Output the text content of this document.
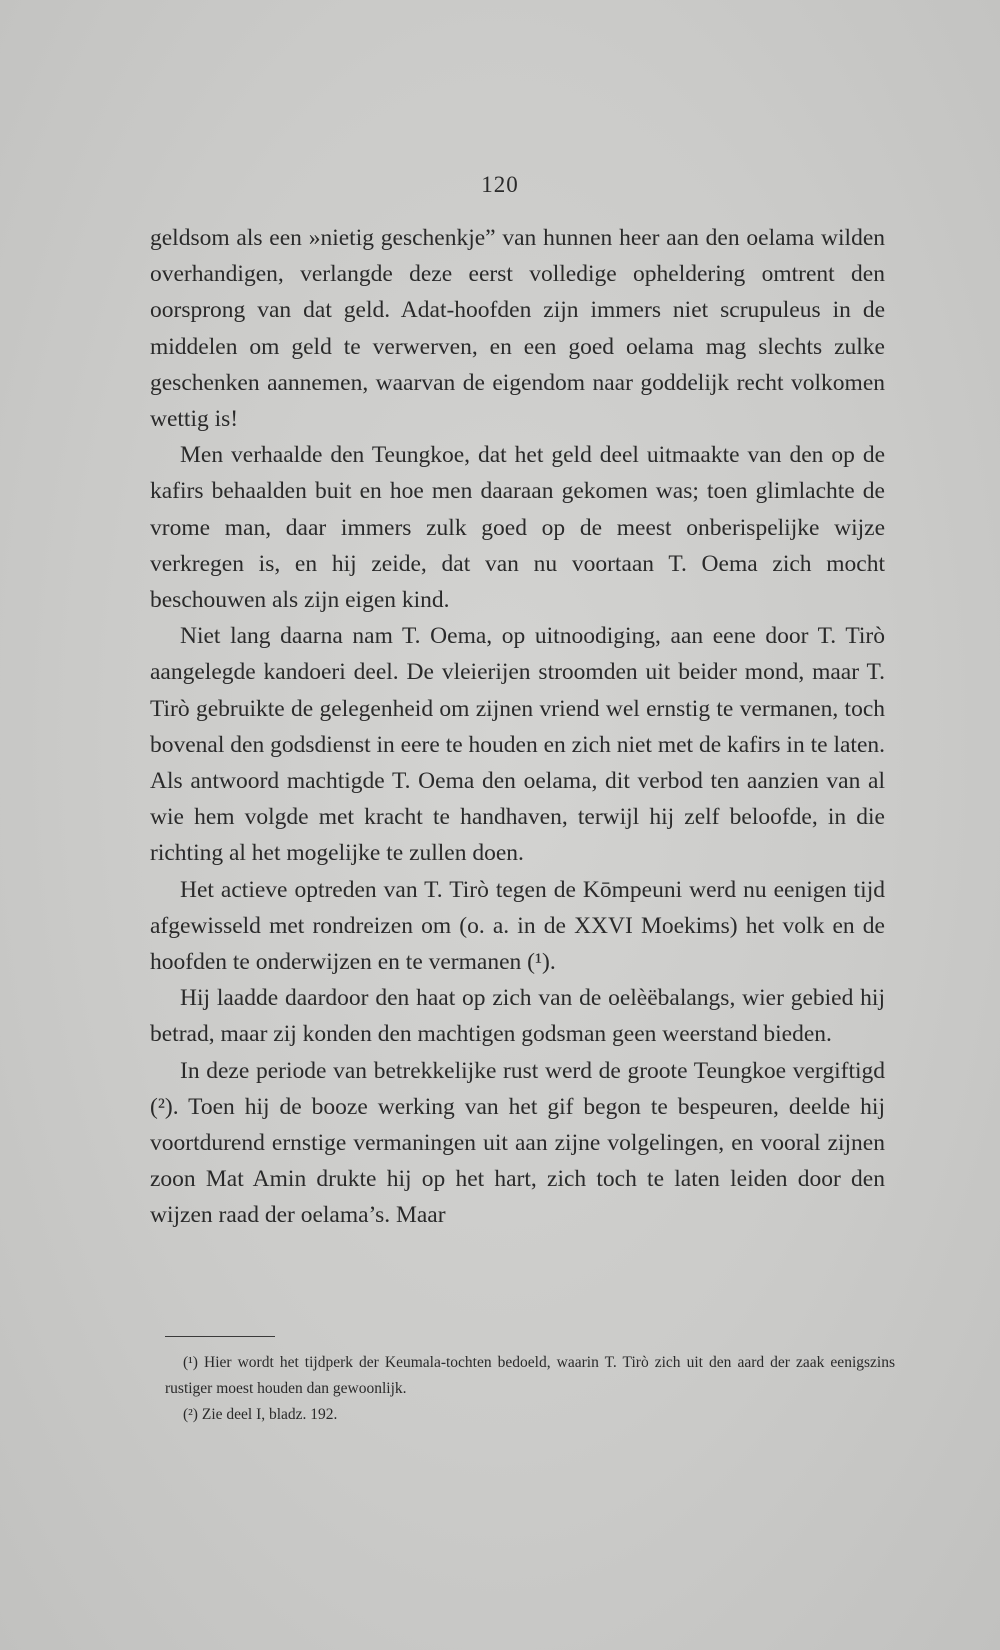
120

geldsom als een »nietig geschenkje” van hunnen heer aan den oelama wilden overhandigen, verlangde deze eerst volledige opheldering omtrent den oorsprong van dat geld. Adat-hoofden zijn immers niet scrupuleus in de middelen om geld te verwerven, en een goed oelama mag slechts zulke geschenken aannemen, waarvan de eigendom naar goddelijk recht volkomen wettig is!

Men verhaalde den Teungkoe, dat het geld deel uitmaakte van den op de kafirs behaalden buit en hoe men daaraan gekomen was; toen glimlachte de vrome man, daar immers zulk goed op de meest onberispelijke wijze verkregen is, en hij zeide, dat van nu voortaan T. Oema zich mocht beschouwen als zijn eigen kind.

Niet lang daarna nam T. Oema, op uitnoodiging, aan eene door T. Tirò aangelegde kandoeri deel. De vleierijen stroomden uit beider mond, maar T. Tirò gebruikte de gelegenheid om zijnen vriend wel ernstig te vermanen, toch bovenal den godsdienst in eere te houden en zich niet met de kafirs in te laten. Als antwoord machtigde T. Oema den oelama, dit verbod ten aanzien van al wie hem volgde met kracht te handhaven, terwijl hij zelf beloofde, in die richting al het mogelijke te zullen doen.

Het actieve optreden van T. Tirò tegen de Kōmpeuni werd nu eenigen tijd afgewisseld met rondreizen om (o. a. in de XXVI Moekims) het volk en de hoofden te onderwijzen en te vermanen (¹).

Hij laadde daardoor den haat op zich van de oelèëbalangs, wier gebied hij betrad, maar zij konden den machtigen godsman geen weerstand bieden.

In deze periode van betrekkelijke rust werd de groote Teungkoe vergiftigd (²). Toen hij de booze werking van het gif begon te bespeuren, deelde hij voortdurend ernstige vermaningen uit aan zijne volgelingen, en vooral zijnen zoon Mat Amin drukte hij op het hart, zich toch te laten leiden door den wijzen raad der oelama’s. Maar

(¹) Hier wordt het tijdperk der Keumala-tochten bedoeld, waarin T. Tirò zich uit den aard der zaak eenigszins rustiger moest houden dan gewoonlijk.

(²) Zie deel I, bladz. 192.
